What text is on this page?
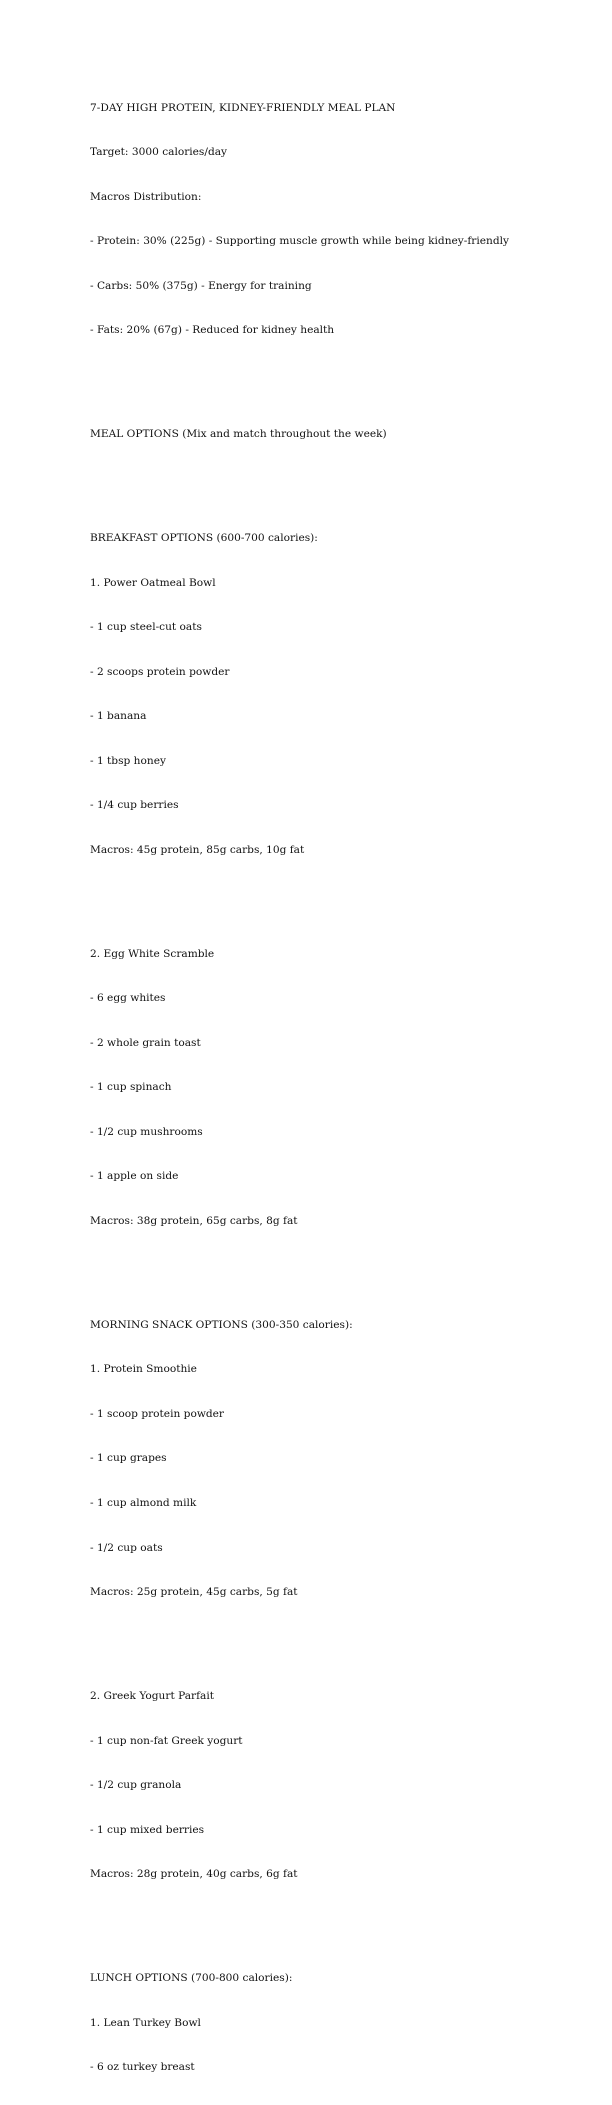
7-DAY HIGH PROTEIN, KIDNEY-FRIENDLY MEAL PLAN

Target: 3000 calories/day

Macros Distribution:

- Protein: 30% (225g) - Supporting muscle growth while being kidney-friendly

- Carbs: 50% (375g) - Energy for training

- Fats: 20% (67g) - Reduced for kidney health

MEAL OPTIONS (Mix and match throughout the week)

BREAKFAST OPTIONS (600-700 calories):

1. Power Oatmeal Bowl

- 1 cup steel-cut oats

- 2 scoops protein powder

- 1 banana

- 1 tbsp honey

- 1/4 cup berries

Macros: 45g protein, 85g carbs, 10g fat

2. Egg White Scramble

- 6 egg whites

- 2 whole grain toast

- 1 cup spinach

- 1/2 cup mushrooms

- 1 apple on side

Macros: 38g protein, 65g carbs, 8g fat

MORNING SNACK OPTIONS (300-350 calories):

1. Protein Smoothie

- 1 scoop protein powder

- 1 cup grapes

- 1 cup almond milk

- 1/2 cup oats

Macros: 25g protein, 45g carbs, 5g fat

2. Greek Yogurt Parfait

- 1 cup non-fat Greek yogurt

- 1/2 cup granola

- 1 cup mixed berries

Macros: 28g protein, 40g carbs, 6g fat

LUNCH OPTIONS (700-800 calories):

1. Lean Turkey Bowl

- 6 oz turkey breast
